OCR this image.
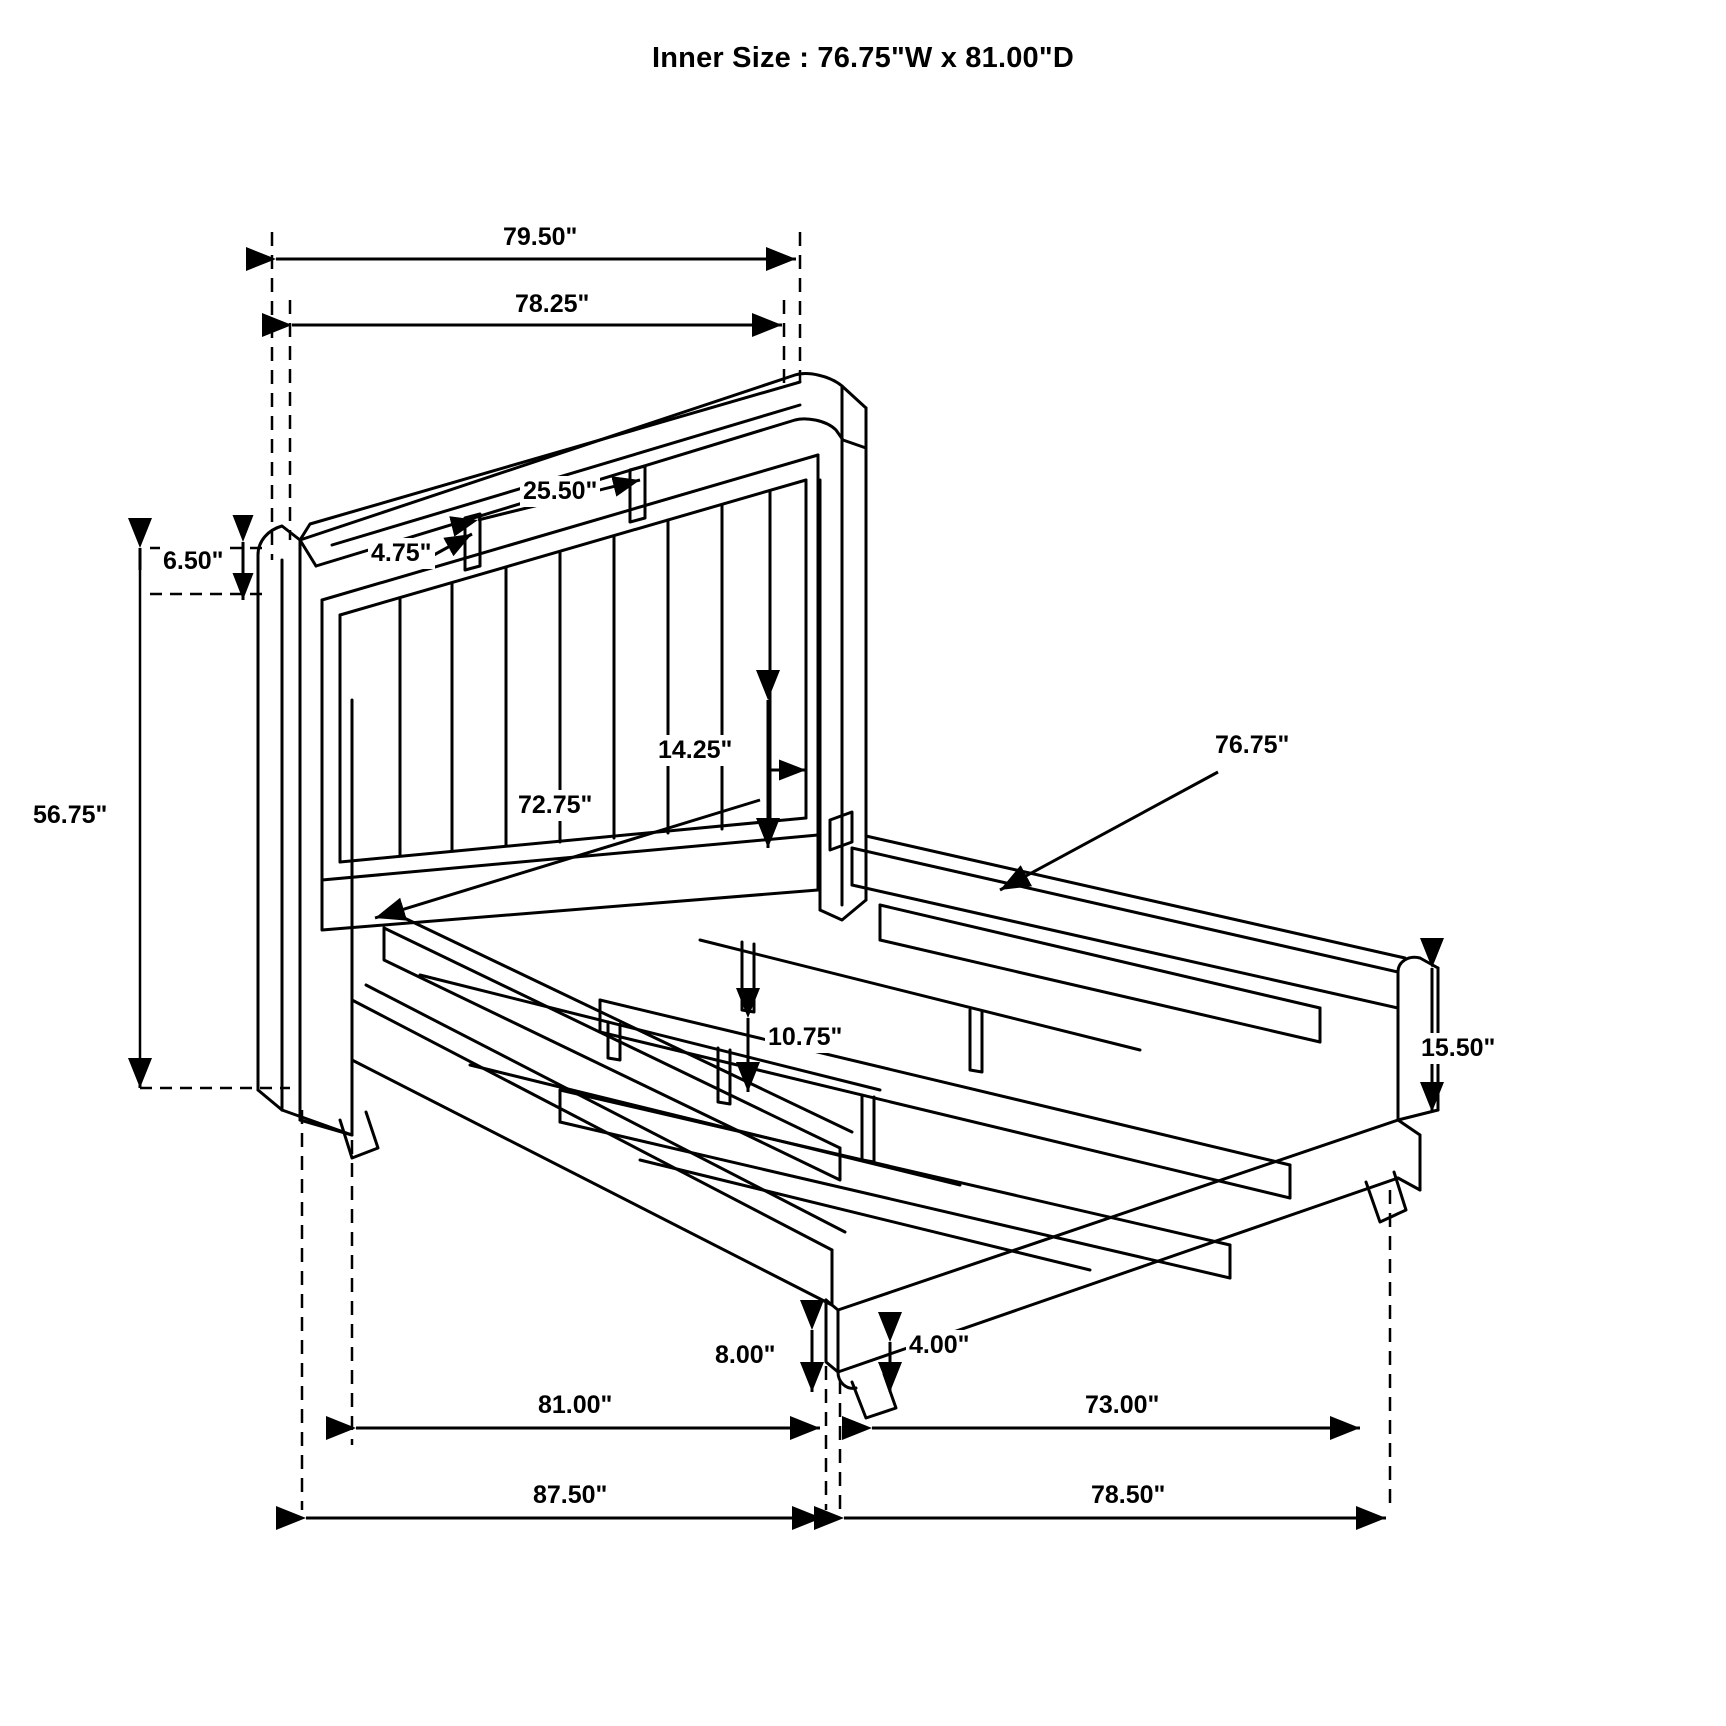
Inner Size : 76.75"W x 81.00"D
79.50"
78.25"
25.50"
4.75"
6.50"
56.75"
14.25"
72.75"
76.75"
10.75"	15.50"
8.00"	4.00"
81.00"	73.00"
87.50"	78.50"
